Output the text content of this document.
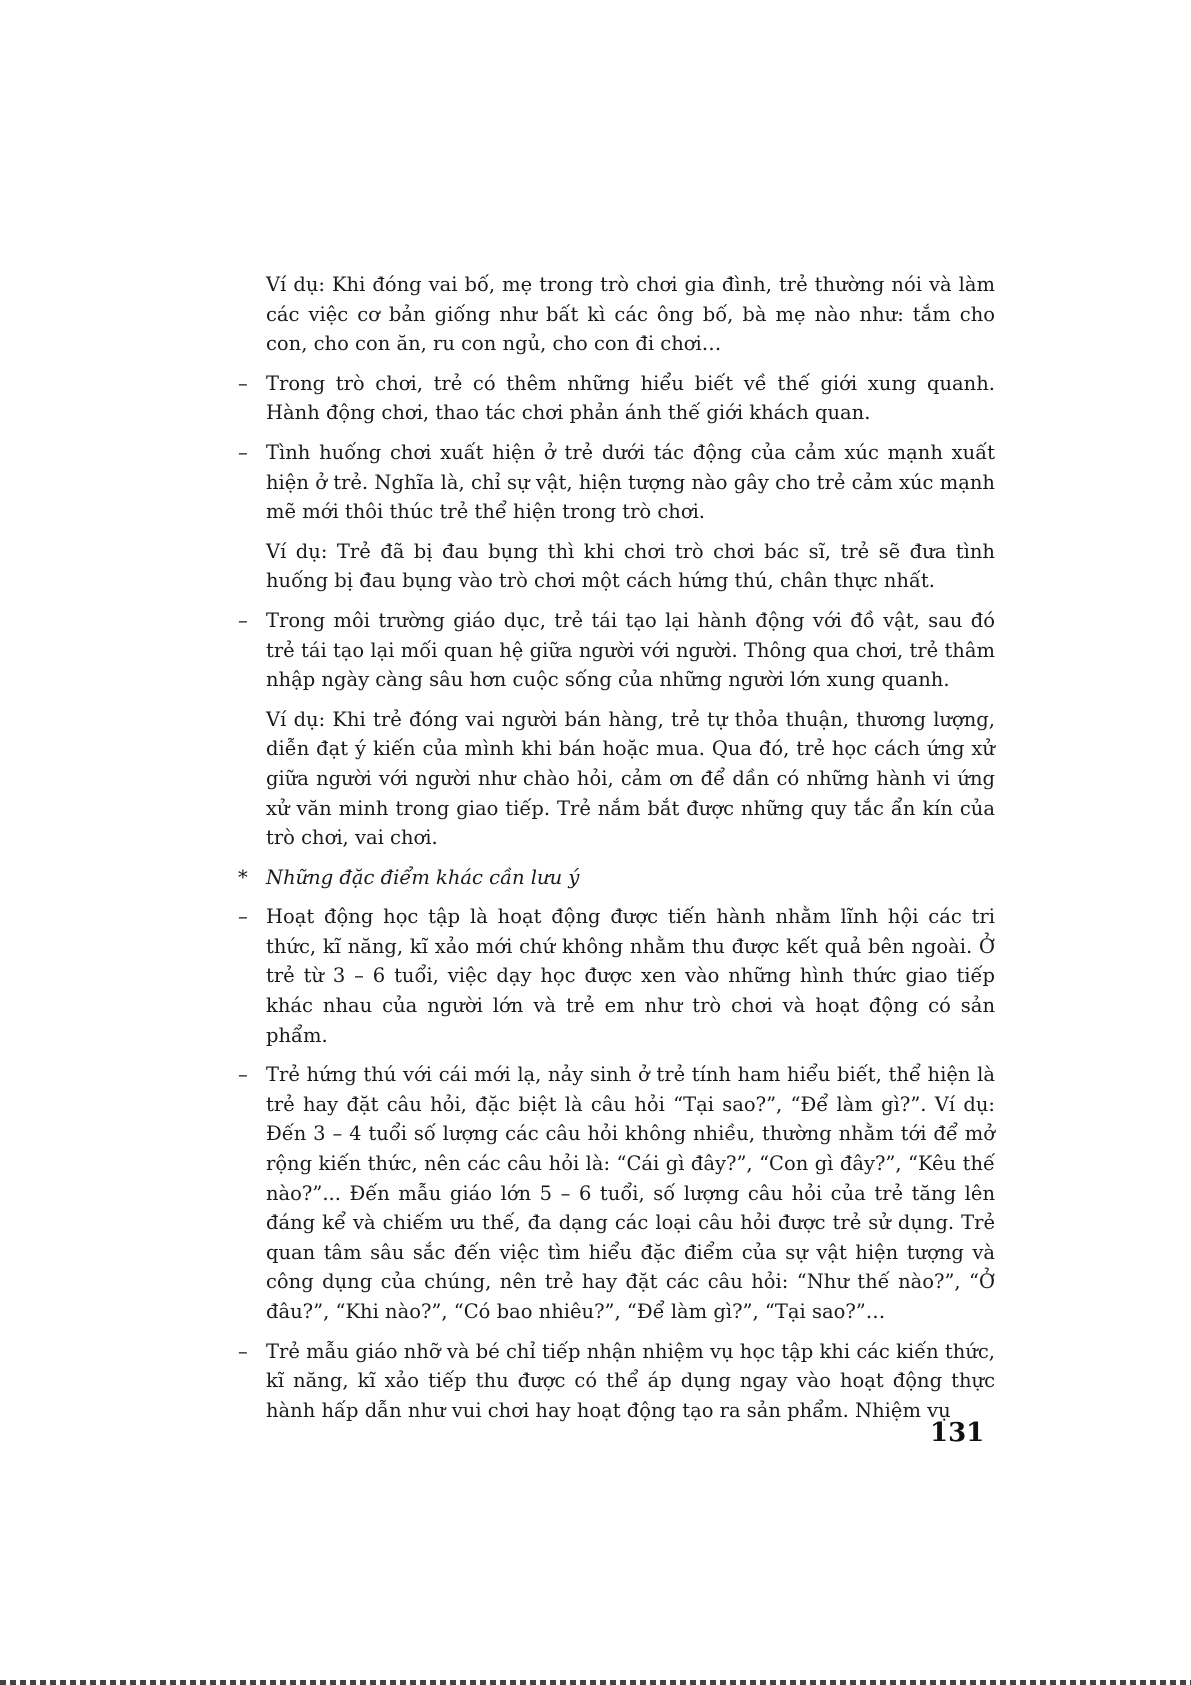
Ví dụ: Khi đóng vai bố, mẹ trong trò chơi gia đình, trẻ thường nói và làm các việc cơ bản giống như bất kì các ông bố, bà mẹ nào như: tắm cho con, cho con ăn, ru con ngủ, cho con đi chơi…

– Trong trò chơi, trẻ có thêm những hiểu biết về thế giới xung quanh. Hành động chơi, thao tác chơi phản ánh thế giới khách quan.

– Tình huống chơi xuất hiện ở trẻ dưới tác động của cảm xúc mạnh xuất hiện ở trẻ. Nghĩa là, chỉ sự vật, hiện tượng nào gây cho trẻ cảm xúc mạnh mẽ mới thôi thúc trẻ thể hiện trong trò chơi.

Ví dụ: Trẻ đã bị đau bụng thì khi chơi trò chơi bác sĩ, trẻ sẽ đưa tình huống bị đau bụng vào trò chơi một cách hứng thú, chân thực nhất.

– Trong môi trường giáo dục, trẻ tái tạo lại hành động với đồ vật, sau đó trẻ tái tạo lại mối quan hệ giữa người với người. Thông qua chơi, trẻ thâm nhập ngày càng sâu hơn cuộc sống của những người lớn xung quanh.

Ví dụ: Khi trẻ đóng vai người bán hàng, trẻ tự thỏa thuận, thương lượng, diễn đạt ý kiến của mình khi bán hoặc mua. Qua đó, trẻ học cách ứng xử giữa người với người như chào hỏi, cảm ơn để dần có những hành vi ứng xử văn minh trong giao tiếp. Trẻ nắm bắt được những quy tắc ẩn kín của trò chơi, vai chơi.

* Những đặc điểm khác cần lưu ý

– Hoạt động học tập là hoạt động được tiến hành nhằm lĩnh hội các tri thức, kĩ năng, kĩ xảo mới chứ không nhằm thu được kết quả bên ngoài. Ở trẻ từ 3 – 6 tuổi, việc dạy học được xen vào những hình thức giao tiếp khác nhau của người lớn và trẻ em như trò chơi và hoạt động có sản phẩm.

– Trẻ hứng thú với cái mới lạ, nảy sinh ở trẻ tính ham hiểu biết, thể hiện là trẻ hay đặt câu hỏi, đặc biệt là câu hỏi “Tại sao?”, “Để làm gì?”. Ví dụ: Đến 3 – 4 tuổi số lượng các câu hỏi không nhiều, thường nhằm tới để mở rộng kiến thức, nên các câu hỏi là: “Cái gì đây?”, “Con gì đây?”, “Kêu thế nào?”... Đến mẫu giáo lớn 5 – 6 tuổi, số lượng câu hỏi của trẻ tăng lên đáng kể và chiếm ưu thế, đa dạng các loại câu hỏi được trẻ sử dụng. Trẻ quan tâm sâu sắc đến việc tìm hiểu đặc điểm của sự vật hiện tượng và công dụng của chúng, nên trẻ hay đặt các câu hỏi: “Như thế nào?”, “Ở đâu?”, “Khi nào?”, “Có bao nhiêu?”, “Để làm gì?”, “Tại sao?”…

– Trẻ mẫu giáo nhỡ và bé chỉ tiếp nhận nhiệm vụ học tập khi các kiến thức, kĩ năng, kĩ xảo tiếp thu được có thể áp dụng ngay vào hoạt động thực hành hấp dẫn như vui chơi hay hoạt động tạo ra sản phẩm. Nhiệm vụ

131
